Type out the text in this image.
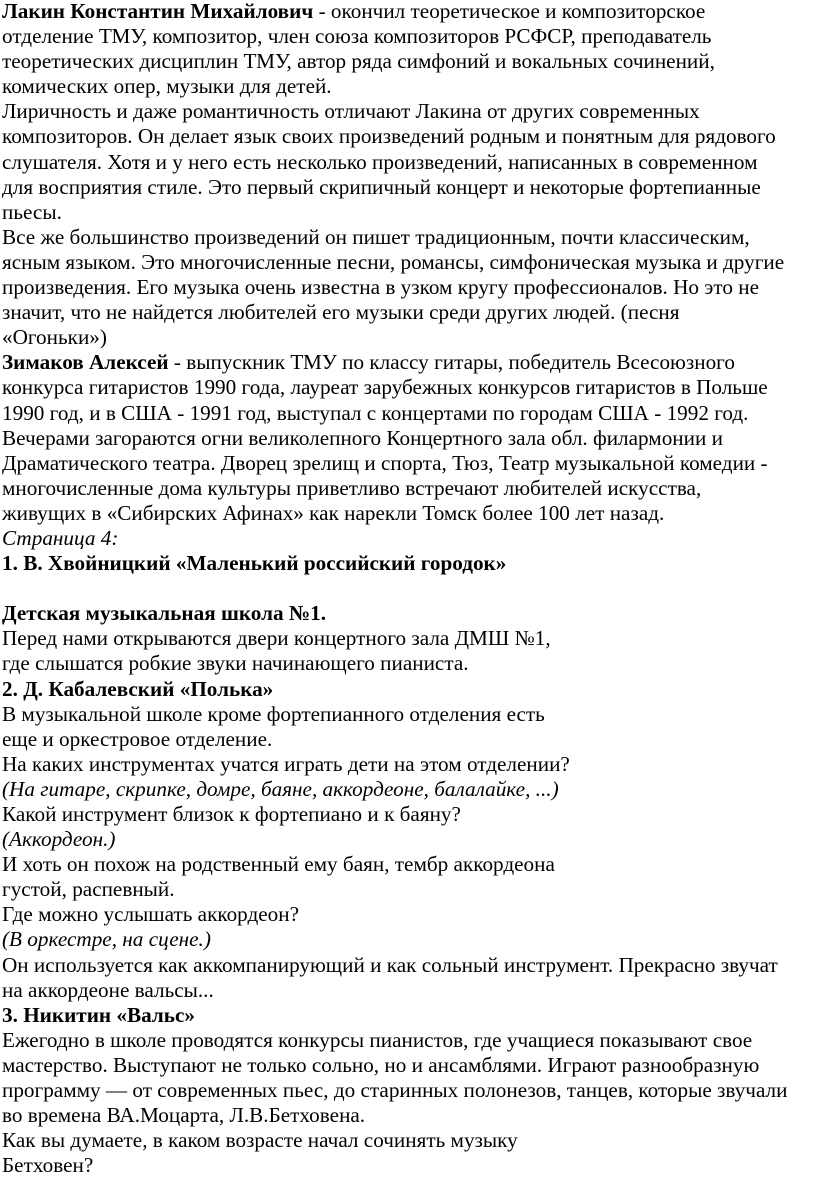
Лакин Константин Михайлович - окончил теоретическое и композиторское
отделение ТМУ, композитор, член союза композиторов РСФСР, преподаватель
теоретических дисциплин ТМУ, автор ряда симфоний и вокальных сочинений,
комических опер, музыки для детей.
Лиричность и даже романтичность отличают Лакина от других современных
композиторов. Он делает язык своих произведений родным и понятным для рядового
слушателя. Хотя и у него есть несколько произведений, написанных в современном
для восприятия стиле. Это первый скрипичный концерт и некоторые фортепианные
пьесы.
Все же большинство произведений он пишет традиционным, почти классическим,
ясным языком. Это многочисленные песни, романсы, симфоническая музыка и другие
произведения. Его музыка очень известна в узком кругу профессионалов. Но это не
значит, что не найдется любителей его музыки среди других людей. (песня
«Огоньки»)
Зимаков Алексей - выпускник ТМУ по классу гитары, победитель Всесоюзного
конкурса гитаристов 1990 года, лауреат зарубежных конкурсов гитаристов в Польше
1990 год, и в США - 1991 год, выступал с концертами по городам США - 1992 год.
Вечерами загораются огни великолепного Концертного зала обл. филармонии и
Драматического театра. Дворец зрелищ и спорта, Тюз, Театр музыкальной комедии -
многочисленные дома культуры приветливо встречают любителей искусства,
живущих в «Сибирских Афинах» как нарекли Томск более 100 лет назад.
Страница 4:
1. В. Хвойницкий «Маленький российский городок»
Детская музыкальная школа №1.
Перед нами открываются двери концертного зала ДМШ №1,
где слышатся робкие звуки начинающего пианиста.
2. Д. Кабалевский «Полька»
В музыкальной школе кроме фортепианного отделения есть
еще и оркестровое отделение.
На каких инструментах учатся играть дети на этом отделении?
(На гитаре, скрипке, домре, баяне, аккордеоне, балалайке, ...)
Какой инструмент близок к фортепиано и к баяну?
(Аккордеон.)
И хоть он похож на родственный ему баян, тембр аккордеона
густой, распевный.
Где можно услышать аккордеон?
(В оркестре, на сцене.)
Он используется как аккомпанирующий и как сольный инструмент. Прекрасно звучат
на аккордеоне вальсы...
3. Никитин «Вальс»
Ежегодно в школе проводятся конкурсы пианистов, где учащиеся показывают свое
мастерство. Выступают не только сольно, но и ансамблями. Играют разнообразную
программу — от современных пьес, до старинных полонезов, танцев, которые звучали
во времена ВА.Моцарта, Л.В.Бетховена.
Как вы думаете, в каком возрасте начал сочинять музыку
Бетховен?
